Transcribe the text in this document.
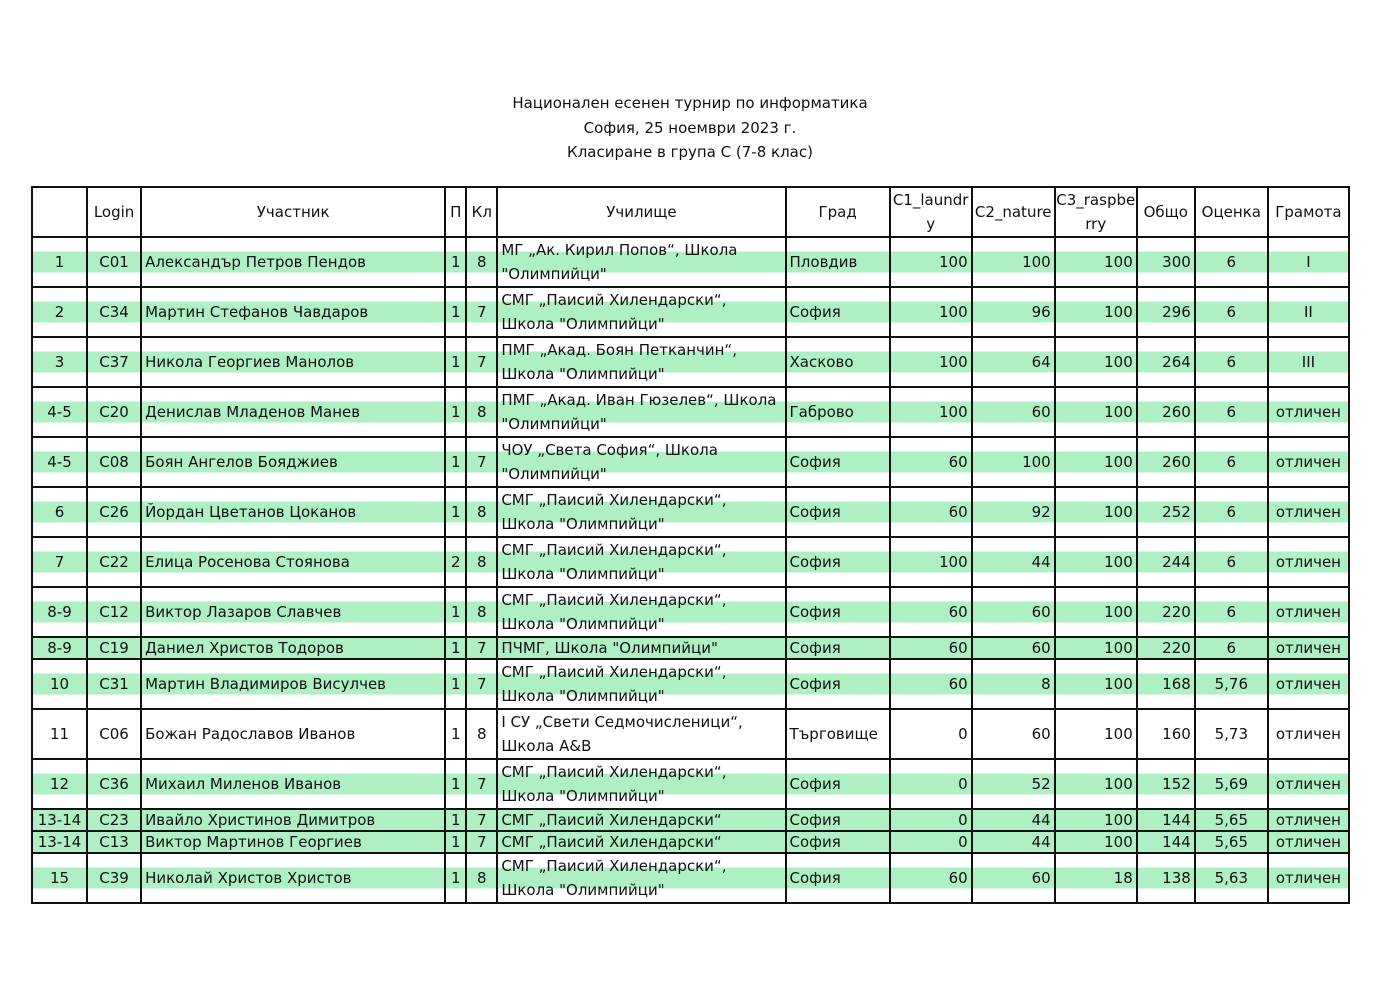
Национален есенен турнир по информатика
София, 25 ноември 2023 г.
Класиране в група С (7-8 клас)
	Login	Участник	П	Кл	Училище	Град	C1_laundry	C2_nature	C3_raspberry	Общо	Оценка	Грамота

1	C01	Александър Петров Пендов	1	8	МГ „Ак. Кирил Попов“, Школа "Олимпийци"	Пловдив	100	100	100	300	6	I

2	C34	Мартин Стефанов Чавдаров	1	7	СМГ „Паисий Хилендарски“, Школа "Олимпийци"	София	100	96	100	296	6	II

3	C37	Никола Георгиев Манолов	1	7	ПМГ „Акад. Боян Петканчин“, Школа "Олимпийци"	Хасково	100	64	100	264	6	III

4-5	C20	Денислав Младенов Манев	1	8	ПМГ „Акад. Иван Гюзелев“, Школа "Олимпийци"	Габрово	100	60	100	260	6	отличен

4-5	C08	Боян Ангелов Бояджиев	1	7	ЧОУ „Света София“, Школа "Олимпийци"	София	60	100	100	260	6	отличен

6	C26	Йордан Цветанов Цоканов	1	8	СМГ „Паисий Хилендарски“, Школа "Олимпийци"	София	60	92	100	252	6	отличен

7	C22	Елица Росенова Стоянова	2	8	СМГ „Паисий Хилендарски“, Школа "Олимпийци"	София	100	44	100	244	6	отличен

8-9	C12	Виктор Лазаров Славчев	1	8	СМГ „Паисий Хилендарски“, Школа "Олимпийци"	София	60	60	100	220	6	отличен

8-9	C19	Даниел Христов Тодоров	1	7	ПЧМГ, Школа "Олимпийци"	София	60	60	100	220	6	отличен

10	C31	Мартин Владимиров Висулчев	1	7	СМГ „Паисий Хилендарски“, Школа "Олимпийци"	София	60	8	100	168	5,76	отличен

11	C06	Божан Радославов Иванов	1	8	I СУ „Свети Седмочисленици“, Школа A&B	Търговище	0	60	100	160	5,73	отличен

12	C36	Михаил Миленов Иванов	1	7	СМГ „Паисий Хилендарски“, Школа "Олимпийци"	София	0	52	100	152	5,69	отличен

13-14	C23	Ивайло Христинов Димитров	1	7	СМГ „Паисий Хилендарски“	София	0	44	100	144	5,65	отличен

13-14	C13	Виктор Мартинов Георгиев	1	7	СМГ „Паисий Хилендарски“	София	0	44	100	144	5,65	отличен

15	C39	Николай Христов Христов	1	8	СМГ „Паисий Хилендарски“, Школа "Олимпийци"	София	60	60	18	138	5,63	отличен
